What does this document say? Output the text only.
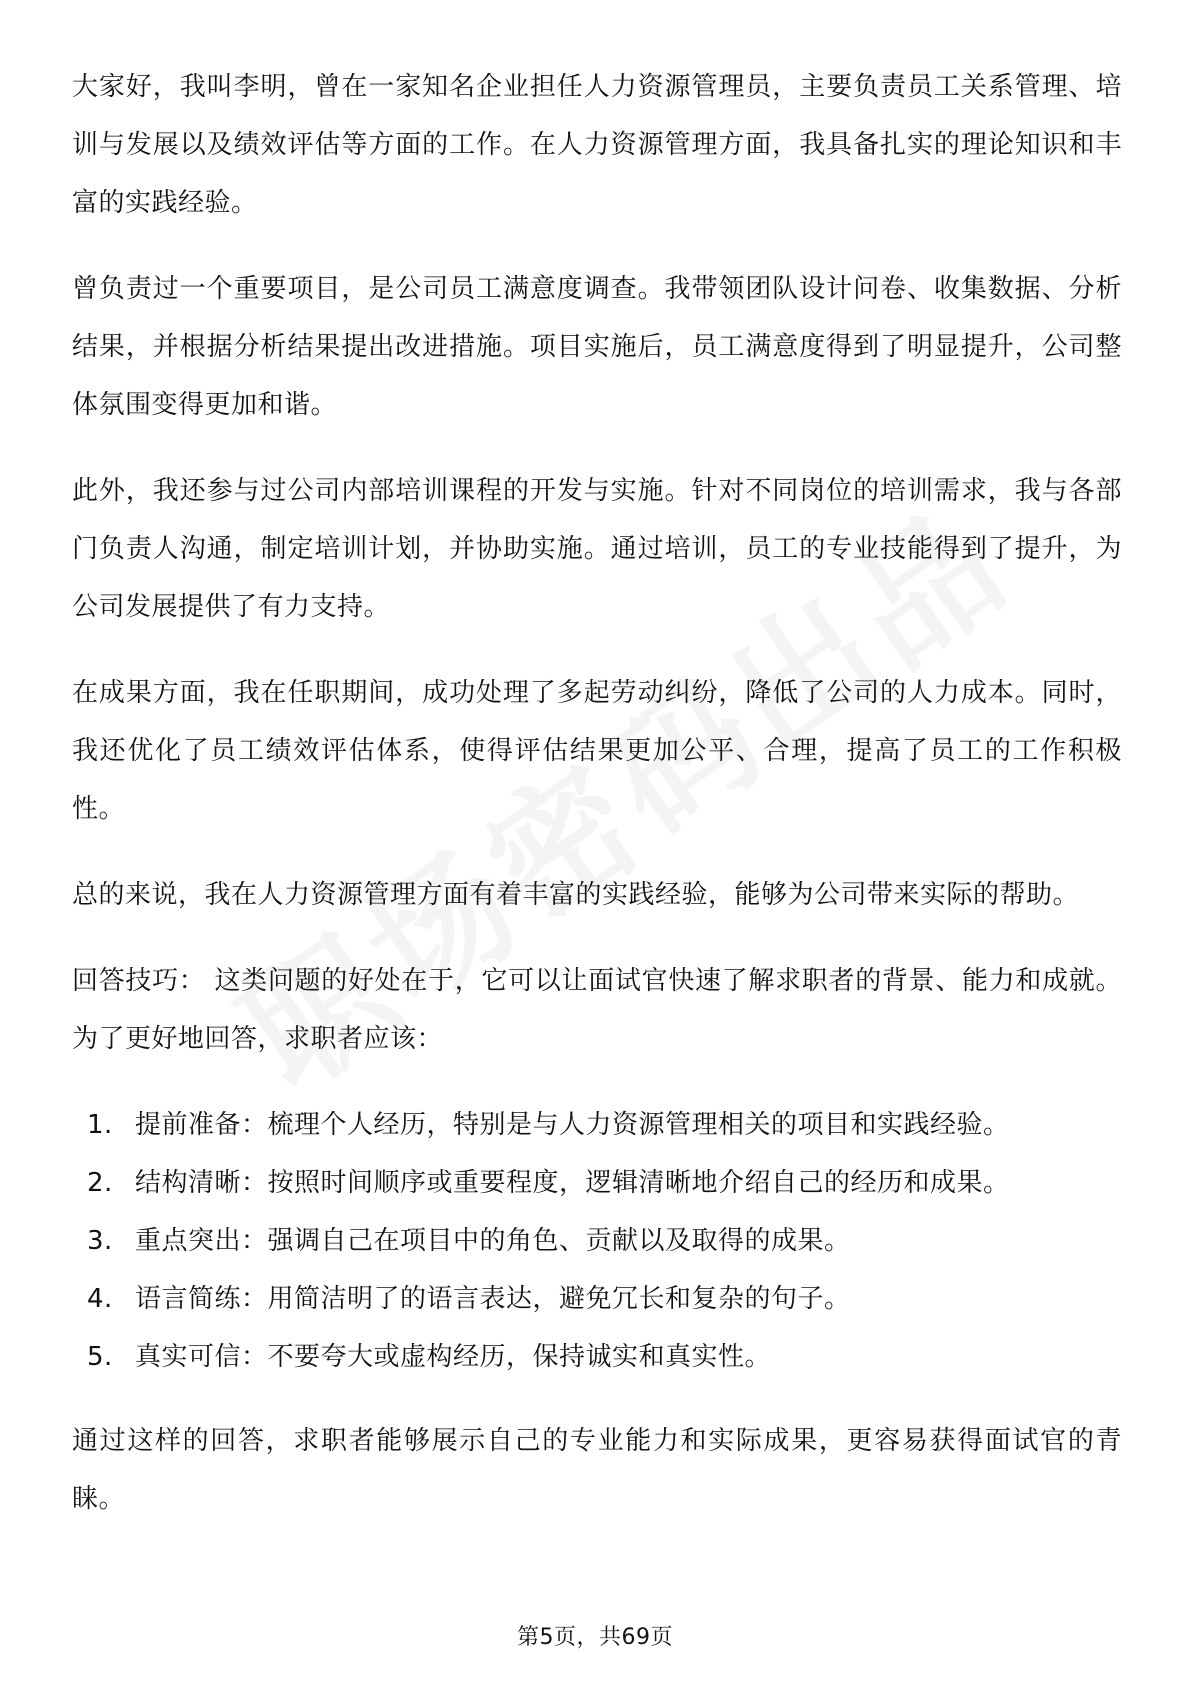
大家好，我叫李明，曾在一家知名企业担任人力资源管理员，主要负责员工关系管理、培训与发展以及绩效评估等方面的工作。在人力资源管理方面，我具备扎实的理论知识和丰富的实践经验。

曾负责过一个重要项目，是公司员工满意度调查。我带领团队设计问卷、收集数据、分析结果，并根据分析结果提出改进措施。项目实施后，员工满意度得到了明显提升，公司整体氛围变得更加和谐。

此外，我还参与过公司内部培训课程的开发与实施。针对不同岗位的培训需求，我与各部门负责人沟通，制定培训计划，并协助实施。通过培训，员工的专业技能得到了提升，为公司发展提供了有力支持。

在成果方面，我在任职期间，成功处理了多起劳动纠纷，降低了公司的人力成本。同时，我还优化了员工绩效评估体系，使得评估结果更加公平、合理，提高了员工的工作积极性。

总的来说，我在人力资源管理方面有着丰富的实践经验，能够为公司带来实际的帮助。

回答技巧： 这类问题的好处在于，它可以让面试官快速了解求职者的背景、能力和成就。为了更好地回答，求职者应该：

1. 提前准备：梳理个人经历，特别是与人力资源管理相关的项目和实践经验。
2. 结构清晰：按照时间顺序或重要程度，逻辑清晰地介绍自己的经历和成果。
3. 重点突出：强调自己在项目中的角色、贡献以及取得的成果。
4. 语言简练：用简洁明了的语言表达，避免冗长和复杂的句子。
5. 真实可信：不要夸大或虚构经历，保持诚实和真实性。

通过这样的回答，求职者能够展示自己的专业能力和实际成果，更容易获得面试官的青睐。

第5页，共69页
